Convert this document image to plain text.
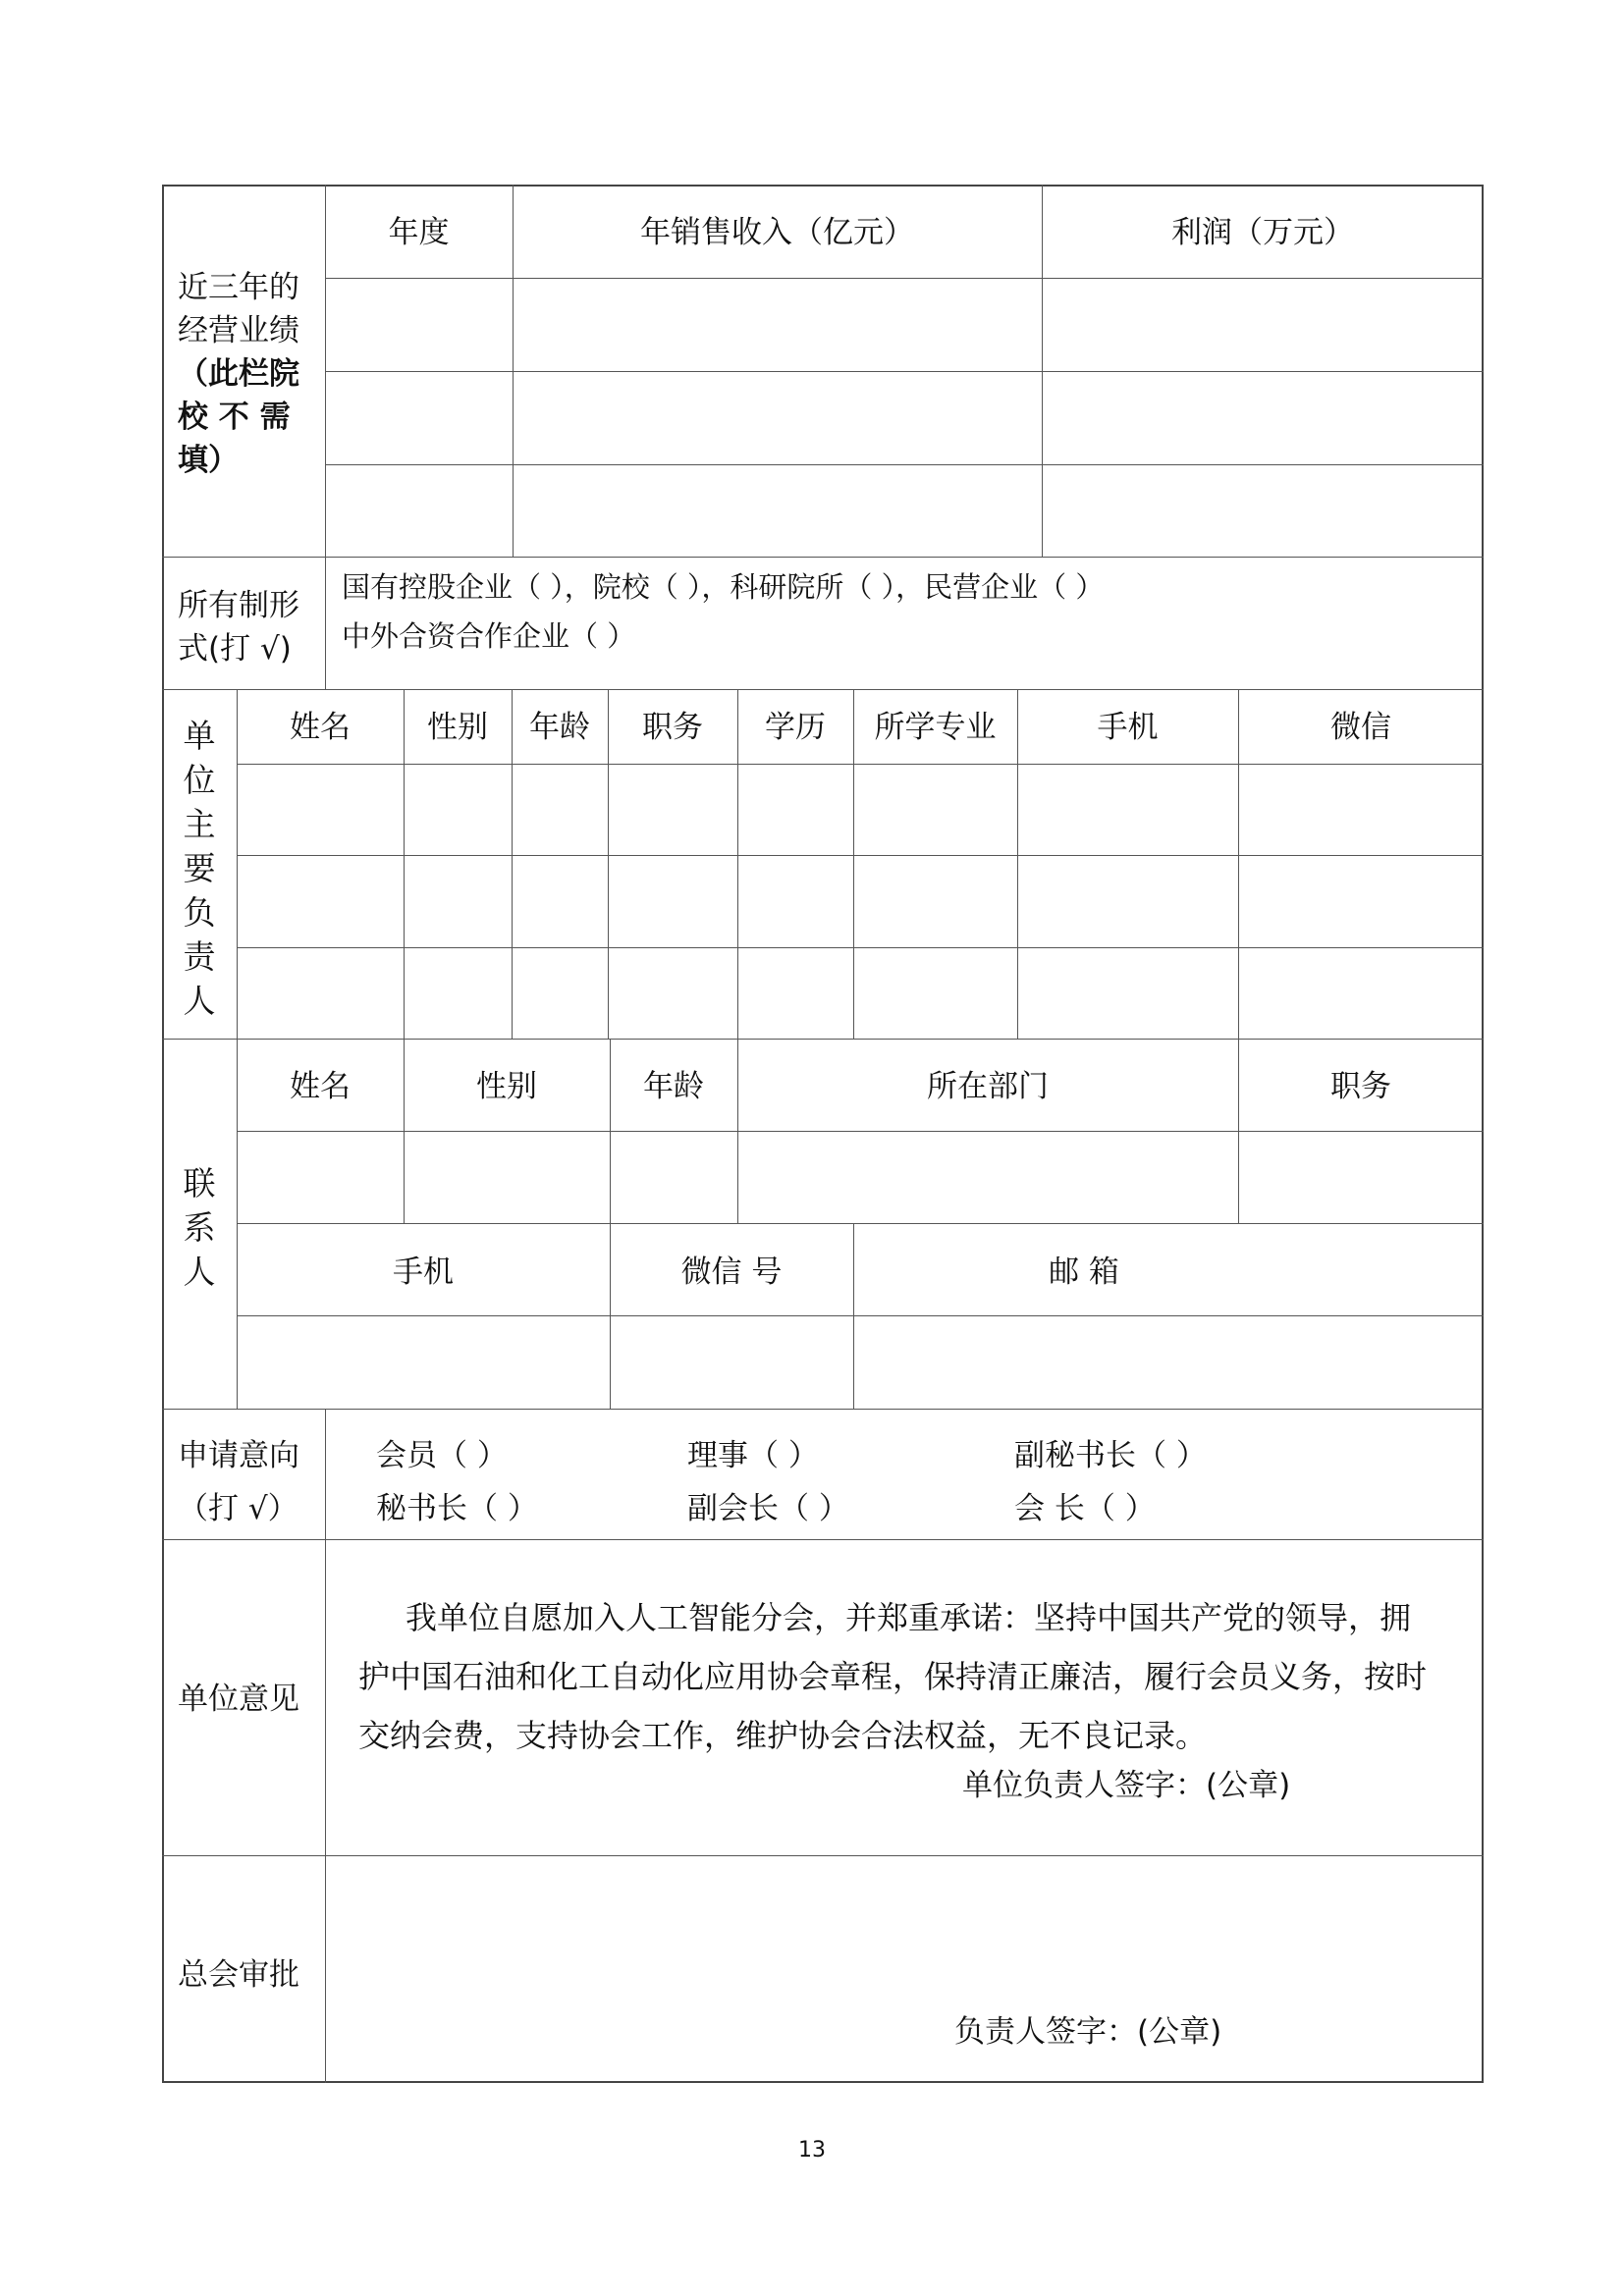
近三年的
经营业绩
（此栏院
校 不 需
填）
年度	年销售收入（亿元）	利润（万元）
所有制形
式(打 √)
国有控股企业（ ），院校（ ），科研院所（ ），民营企业（ ）
中外合资合作企业（ ）
单
位
主
要
负
责
人
姓名	性别	年龄	职务	学历	所学专业	手机	微信
联
系
人
姓名	性别	年龄	所在部门	职务
手机	微信 号	邮 箱
申请意向
（打 √）
会员（ ）	理事（ ）	副秘书长（ ）
秘书长（ ）	副会长（ ）	会 长（ ）
单位意见
我单位自愿加入人工智能分会，并郑重承诺：坚持中国共产党的领导，拥
护中国石油和化工自动化应用协会章程，保持清正廉洁，履行会员义务，按时
交纳会费，支持协会工作，维护协会合法权益，无不良记录。
单位负责人签字：(公章)
总会审批
负责人签字：(公章)
13
